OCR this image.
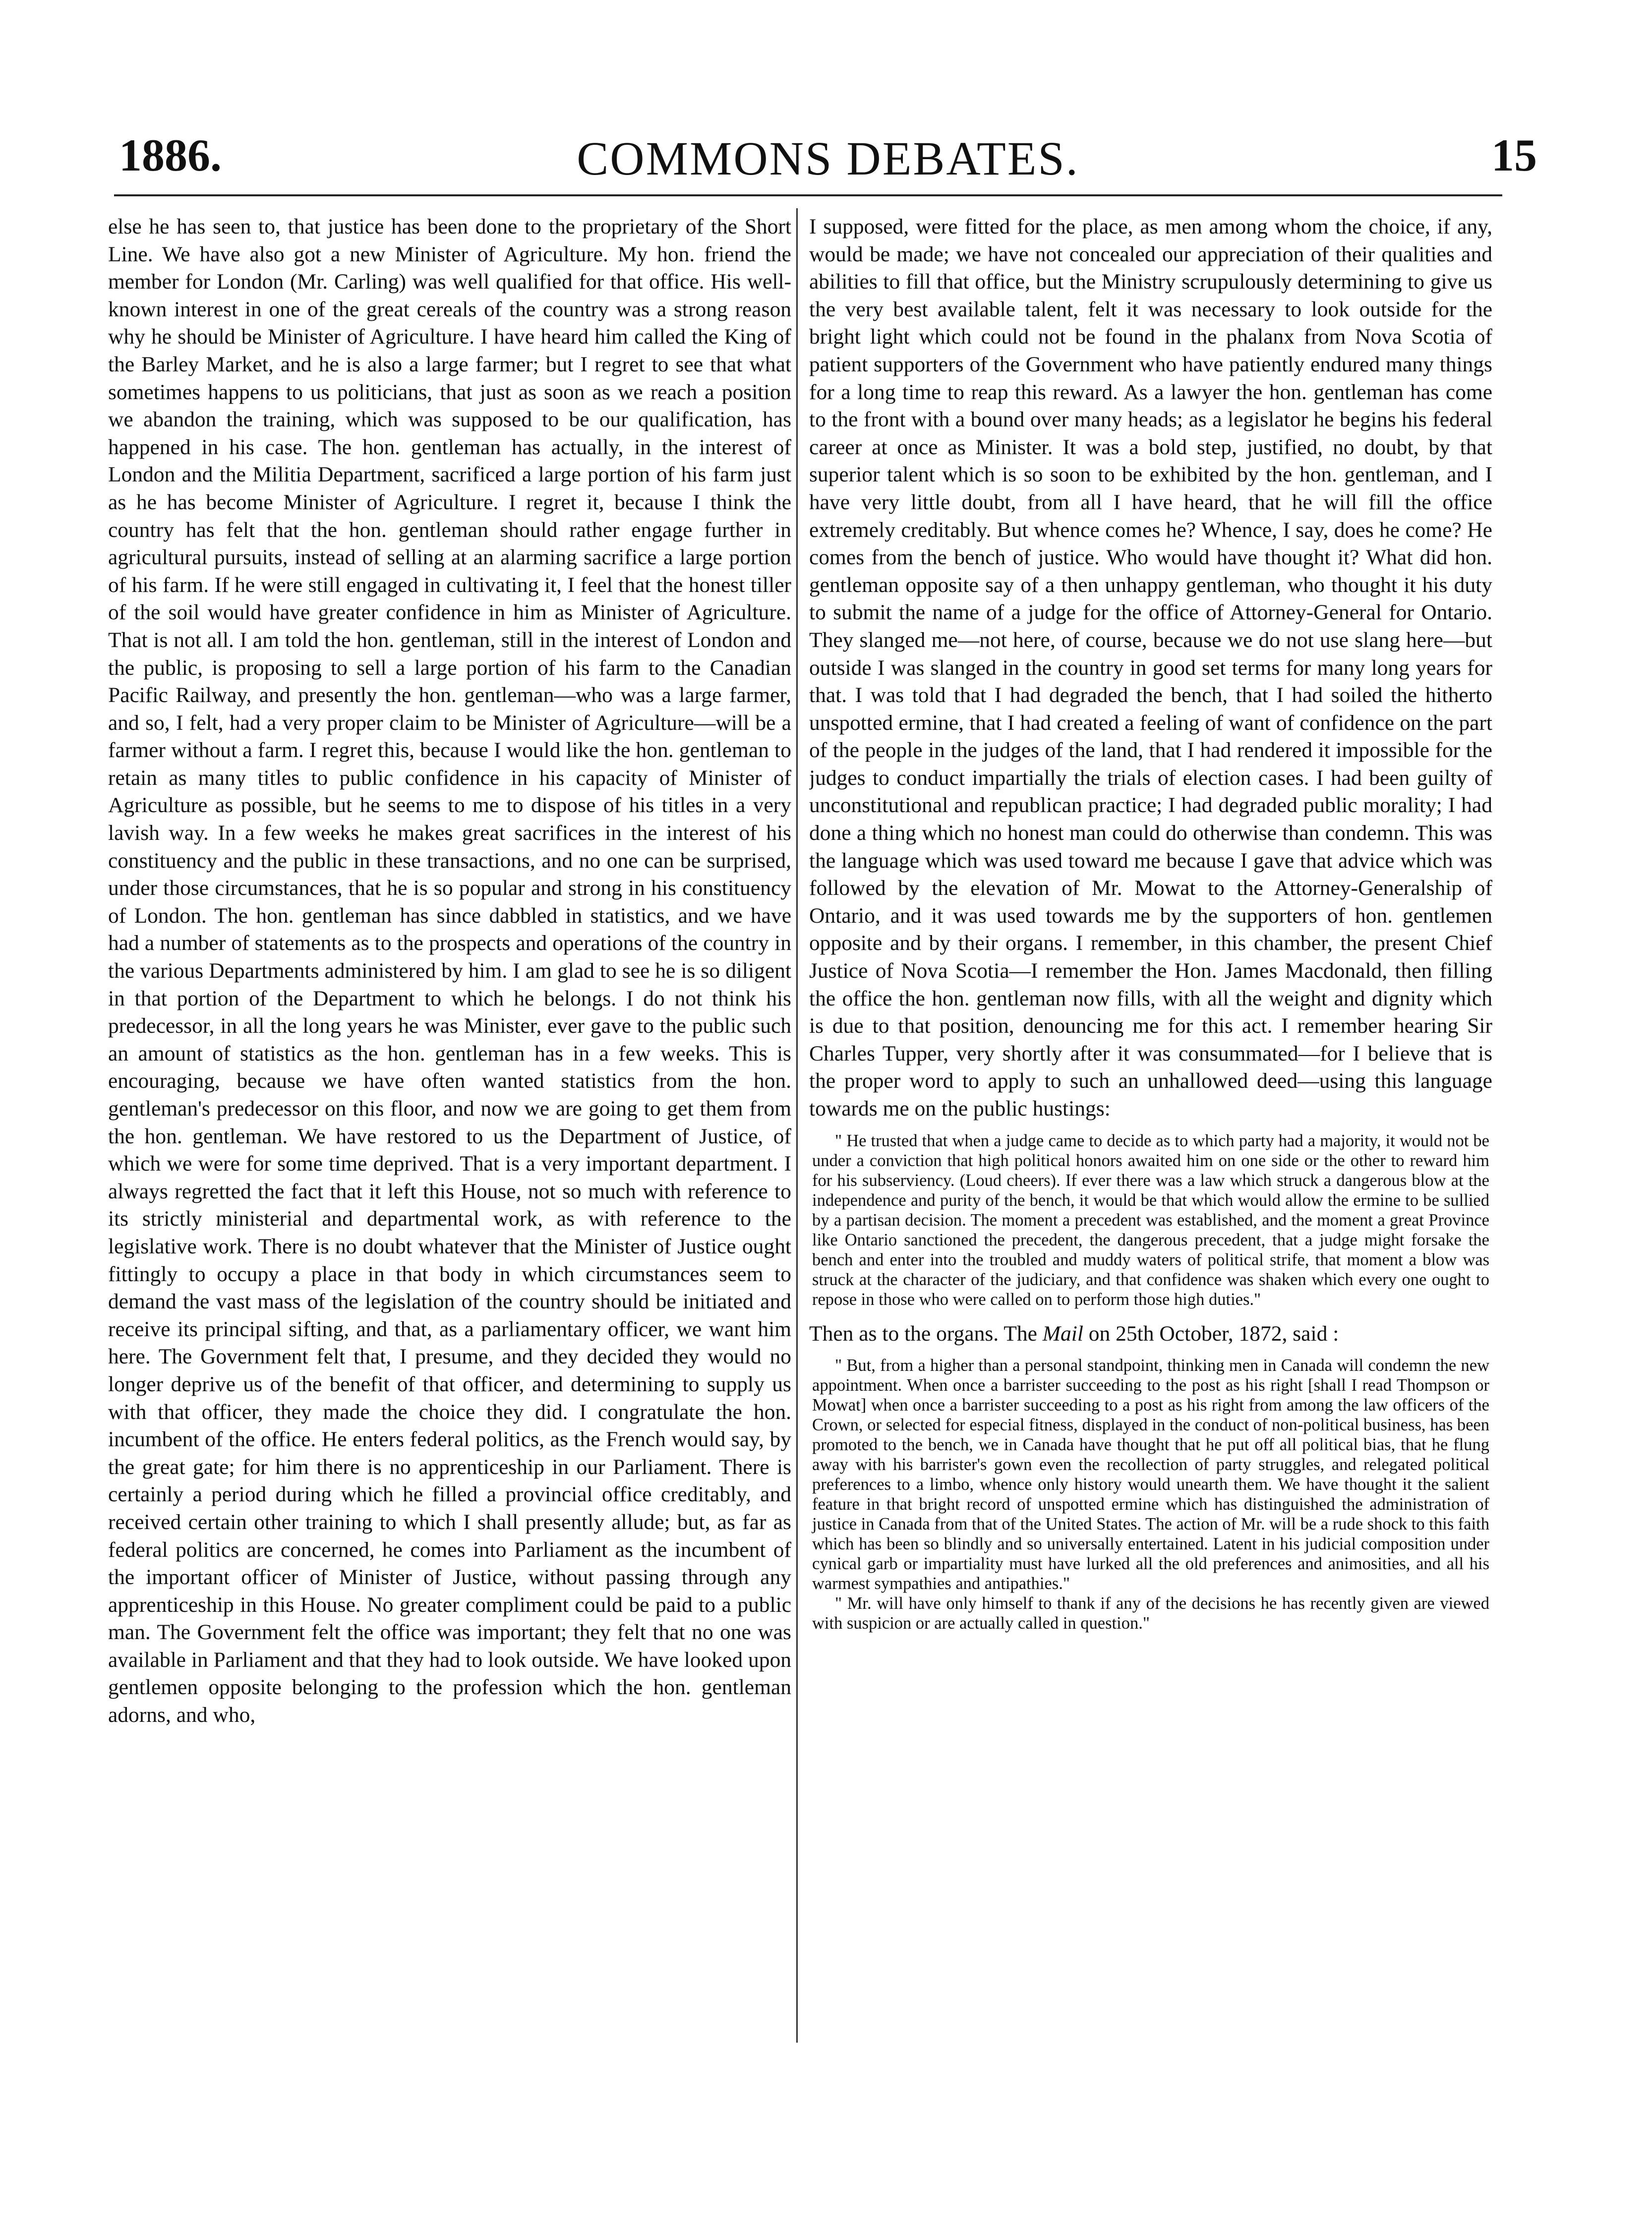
1886.	COMMONS DEBATES.	15

else he has seen to, that justice has been done to the proprietary of the Short Line. We have also got a new Minister of Agriculture. My hon. friend the member for London (Mr. Carling) was well qualified for that office. His well-known interest in one of the great cereals of the country was a strong reason why he should be Minister of Agriculture. I have heard him called the King of the Barley Market, and he is also a large farmer; but I regret to see that what sometimes happens to us politicians, that just as soon as we reach a position we abandon the training, which was supposed to be our qualification, has happened in his case. The hon. gentleman has actually, in the interest of London and the Militia Department, sacrificed a large portion of his farm just as he has become Minister of Agriculture. I regret it, because I think the country has felt that the hon. gentleman should rather engage further in agricultural pursuits, instead of selling at an alarming sacrifice a large portion of his farm. If he were still engaged in cultivating it, I feel that the honest tiller of the soil would have greater confidence in him as Minister of Agriculture. That is not all. I am told the hon. gentleman, still in the interest of London and the public, is proposing to sell a large portion of his farm to the Canadian Pacific Railway, and presently the hon. gentleman—who was a large farmer, and so, I felt, had a very proper claim to be Minister of Agriculture—will be a farmer without a farm. I regret this, because I would like the hon. gentleman to retain as many titles to public confidence in his capacity of Minister of Agriculture as possible, but he seems to me to dispose of his titles in a very lavish way. In a few weeks he makes great sacrifices in the interest of his constituency and the public in these transactions, and no one can be surprised, under those circumstances, that he is so popular and strong in his constituency of London. The hon. gentleman has since dabbled in statistics, and we have had a number of statements as to the prospects and operations of the country in the various Departments administered by him. I am glad to see he is so diligent in that portion of the Department to which he belongs. I do not think his predecessor, in all the long years he was Minister, ever gave to the public such an amount of statistics as the hon. gentleman has in a few weeks. This is encouraging, because we have often wanted statistics from the hon. gentleman's predecessor on this floor, and now we are going to get them from the hon. gentleman. We have restored to us the Department of Justice, of which we were for some time deprived. That is a very important department. I always regretted the fact that it left this House, not so much with reference to its strictly ministerial and departmental work, as with reference to the legislative work. There is no doubt whatever that the Minister of Justice ought fittingly to occupy a place in that body in which circumstances seem to demand the vast mass of the legislation of the country should be initiated and receive its principal sifting, and that, as a parliamentary officer, we want him here. The Government felt that, I presume, and they decided they would no longer deprive us of the benefit of that officer, and determining to supply us with that officer, they made the choice they did. I congratulate the hon. incumbent of the office. He enters federal politics, as the French would say, by the great gate; for him there is no apprenticeship in our Parliament. There is certainly a period during which he filled a provincial office creditably, and received certain other training to which I shall presently allude; but, as far as federal politics are concerned, he comes into Parliament as the incumbent of the important officer of Minister of Justice, without passing through any apprenticeship in this House. No greater compliment could be paid to a public man. The Government felt the office was important; they felt that no one was available in Parliament and that they had to look outside. We have looked upon gentlemen opposite belonging to the profession which the hon. gentleman adorns, and who,

I supposed, were fitted for the place, as men among whom the choice, if any, would be made; we have not concealed our appreciation of their qualities and abilities to fill that office, but the Ministry scrupulously determining to give us the very best available talent, felt it was necessary to look outside for the bright light which could not be found in the phalanx from Nova Scotia of patient supporters of the Government who have patiently endured many things for a long time to reap this reward. As a lawyer the hon. gentleman has come to the front with a bound over many heads; as a legislator he begins his federal career at once as Minister. It was a bold step, justified, no doubt, by that superior talent which is so soon to be exhibited by the hon. gentleman, and I have very little doubt, from all I have heard, that he will fill the office extremely creditably. But whence comes he? Whence, I say, does he come? He comes from the bench of justice. Who would have thought it? What did hon. gentleman opposite say of a then unhappy gentleman, who thought it his duty to submit the name of a judge for the office of Attorney-General for Ontario. They slanged me—not here, of course, because we do not use slang here—but outside I was slanged in the country in good set terms for many long years for that. I was told that I had degraded the bench, that I had soiled the hitherto unspotted ermine, that I had created a feeling of want of confidence on the part of the people in the judges of the land, that I had rendered it impossible for the judges to conduct impartially the trials of election cases. I had been guilty of unconstitutional and republican practice; I had degraded public morality; I had done a thing which no honest man could do otherwise than condemn. This was the language which was used toward me because I gave that advice which was followed by the elevation of Mr. Mowat to the Attorney-Generalship of Ontario, and it was used towards me by the supporters of hon. gentlemen opposite and by their organs. I remember, in this chamber, the present Chief Justice of Nova Scotia—I remember the Hon. James Macdonald, then filling the office the hon. gentleman now fills, with all the weight and dignity which is due to that position, denouncing me for this act. I remember hearing Sir Charles Tupper, very shortly after it was consummated—for I believe that is the proper word to apply to such an unhallowed deed—using this language towards me on the public hustings:

" He trusted that when a judge came to decide as to which party had a majority, it would not be under a conviction that high political honors awaited him on one side or the other to reward him for his subserviency. (Loud cheers). If ever there was a law which struck a dangerous blow at the independence and purity of the bench, it would be that which would allow the ermine to be sullied by a partisan decision. The moment a precedent was established, and the moment a great Province like Ontario sanctioned the precedent, the dangerous precedent, that a judge might forsake the bench and enter into the troubled and muddy waters of political strife, that moment a blow was struck at the character of the judiciary, and that confidence was shaken which every one ought to repose in those who were called on to perform those high duties."

Then as to the organs. The Mail on 25th October, 1872, said :

" But, from a higher than a personal standpoint, thinking men in Canada will condemn the new appointment. When once a barrister succeeding to the post as his right [shall I read Thompson or Mowat] when once a barrister succeeding to a post as his right from among the law officers of the Crown, or selected for especial fitness, displayed in the conduct of non-political business, has been promoted to the bench, we in Canada have thought that he put off all political bias, that he flung away with his barrister's gown even the recollection of party struggles, and relegated political preferences to a limbo, whence only history would unearth them. We have thought it the salient feature in that bright record of unspotted ermine which has distinguished the administration of justice in Canada from that of the United States. The action of Mr. will be a rude shock to this faith which has been so blindly and so universally entertained. Latent in his judicial composition under cynical garb or impartiality must have lurked all the old preferences and animosities, and all his warmest sympathies and antipathies."

" Mr. will have only himself to thank if any of the decisions he has recently given are viewed with suspicion or are actually called in question."
